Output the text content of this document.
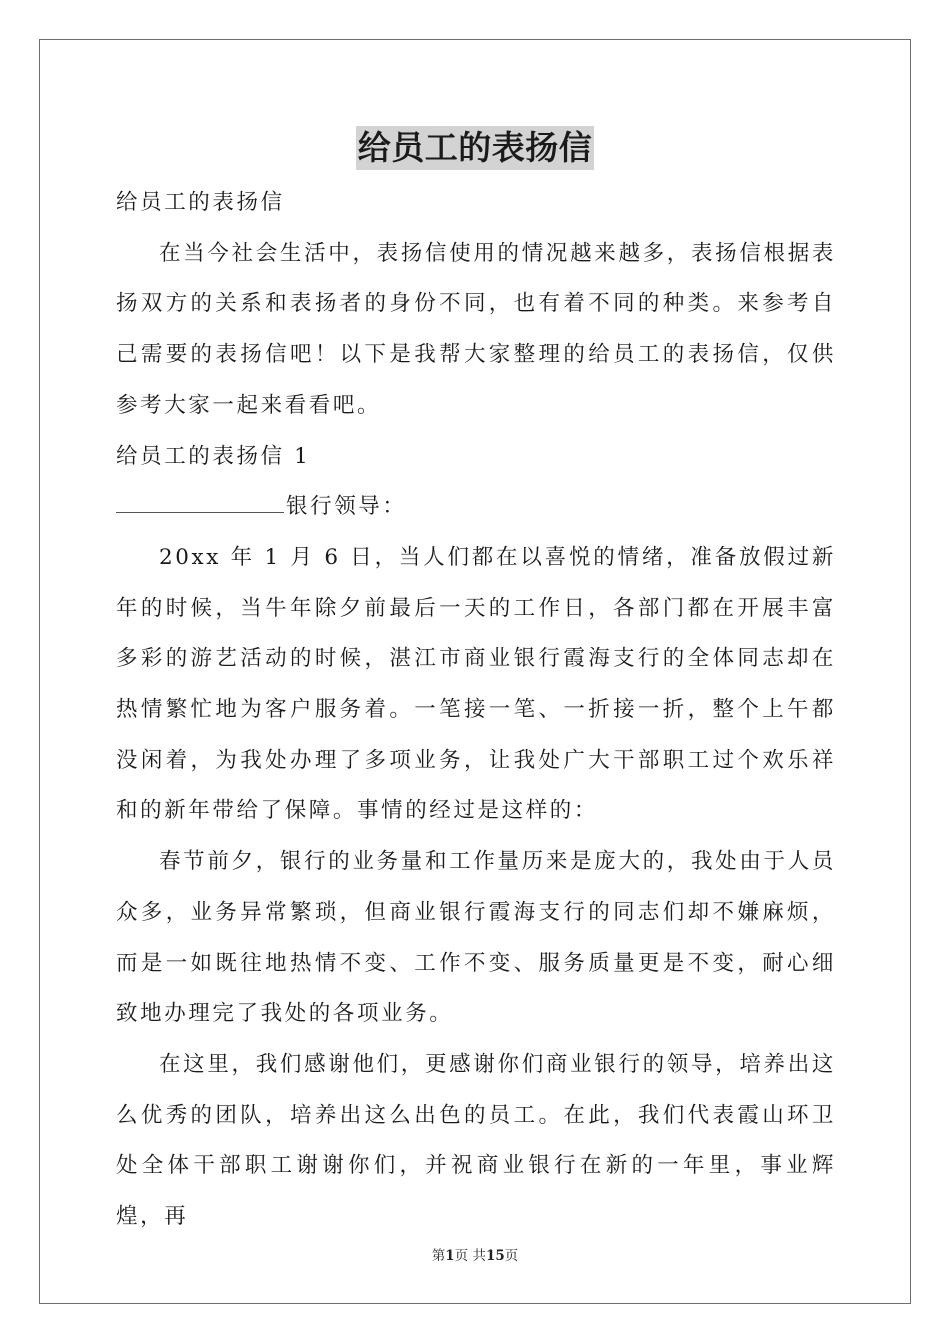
给员工的表扬信

给员工的表扬信

在当今社会生活中，表扬信使用的情况越来越多，表扬信根据表扬双方的关系和表扬者的身份不同，也有着不同的种类。来参考自己需要的表扬信吧！以下是我帮大家整理的给员工的表扬信，仅供参考大家一起来看看吧。

给员工的表扬信 1

银行领导：

20xx 年 1 月 6 日，当人们都在以喜悦的情绪，准备放假过新年的时候，当牛年除夕前最后一天的工作日，各部门都在开展丰富多彩的游艺活动的时候，湛江市商业银行霞海支行的全体同志却在热情繁忙地为客户服务着。一笔接一笔、一折接一折，整个上午都没闲着，为我处办理了多项业务，让我处广大干部职工过个欢乐祥和的新年带给了保障。事情的经过是这样的：

春节前夕，银行的业务量和工作量历来是庞大的，我处由于人员众多，业务异常繁琐，但商业银行霞海支行的同志们却不嫌麻烦，而是一如既往地热情不变、工作不变、服务质量更是不变，耐心细致地办理完了我处的各项业务。

在这里，我们感谢他们，更感谢你们商业银行的领导，培养出这么优秀的团队，培养出这么出色的员工。在此，我们代表霞山环卫处全体干部职工谢谢你们，并祝商业银行在新的一年里，事业辉煌，再

第1页 共15页
